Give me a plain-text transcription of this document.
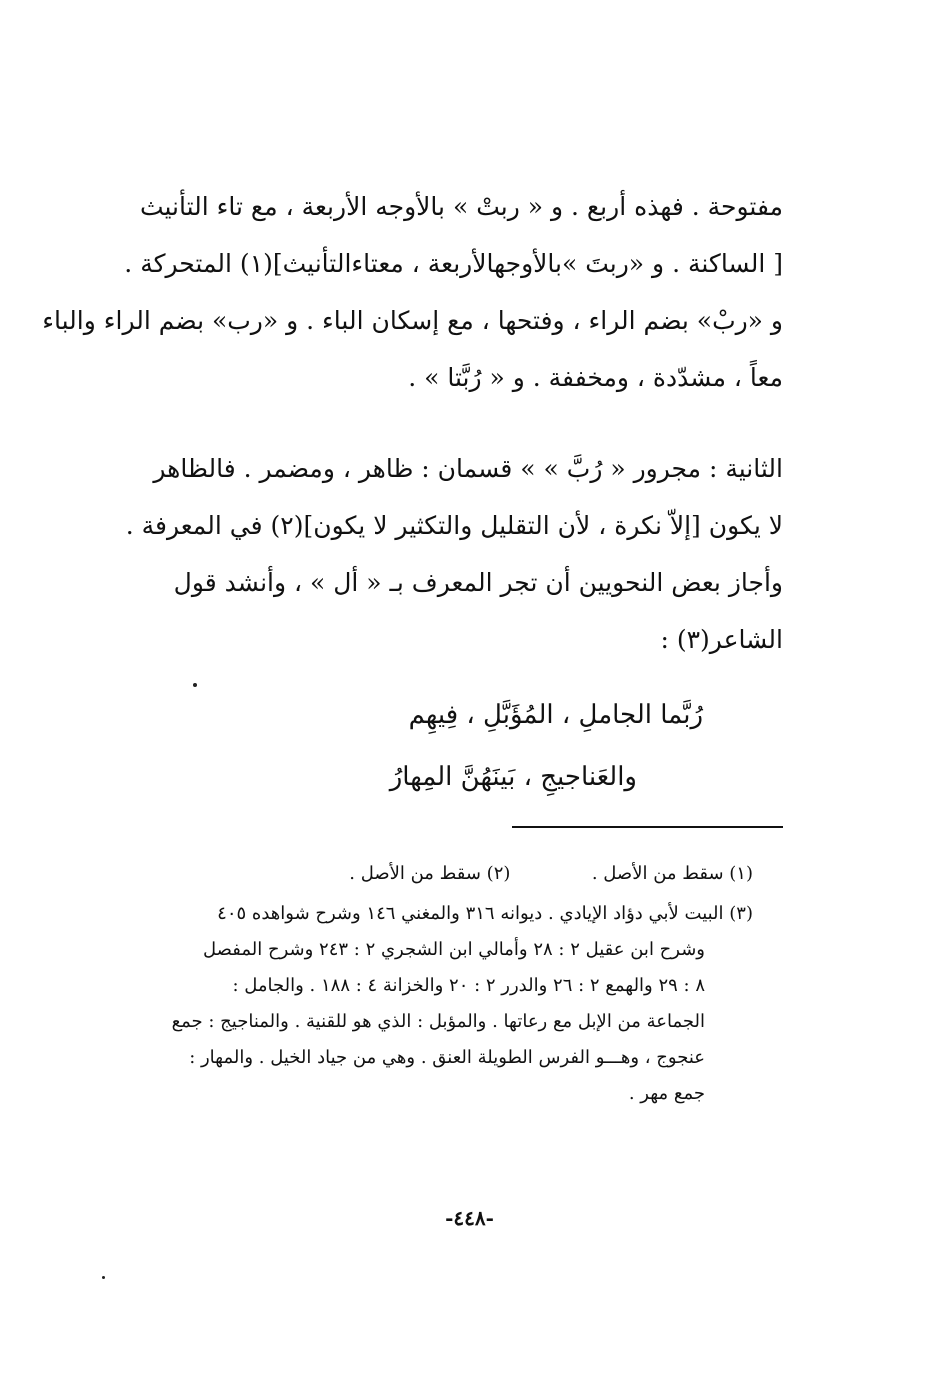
مفتوحة . فهذه أربع . و « ربتْ » بالأوجه الأربعة ، مع تاء التأنيث
[ الساكنة . و «ربتَ »بالأوجهالأربعة ، معتاءالتأنيث](١) المتحركة .
و «ربْ» بضم الراء ، وفتحها ، مع إسكان الباء . و «رب» بضم الراء والباء
معاً ، مشدّدة ، ومخففة . و « رُبَّتا » .
الثانية : مجرور « رُبَّ » » قسمان : ظاهر ، ومضمر . فالظاهر
لا يكون [إلاّ نكرة ، لأن التقليل والتكثير لا يكون](٢) في المعرفة .
وأجاز بعض النحويين أن تجر المعرف بـ « أل » ، وأنشد قول
الشاعر(٣) :
رُبَّما الجاملِ ، المُؤَبَّلِ ، فِيهِم
والعَناجيجِ ، بَينَهُنَّ المِهارُ
(١) سقط من الأصل .  (٢) سقط من الأصل .
(٣) البيت لأبي دؤاد الإيادي . ديوانه ٣١٦ والمغني ١٤٦ وشرح شواهده ٤٠٥
وشرح ابن عقيل ٢ : ٢٨ وأمالي ابن الشجري ٢ : ٢٤٣ وشرح المفصل
٨ : ٢٩ والهمع ٢ : ٢٦ والدرر ٢ : ٢٠ والخزانة ٤ : ١٨٨ . والجامل :
الجماعة من الإبل مع رعاتها . والمؤبل : الذي هو للقنية . والمناجيج : جمع
عنجوج ، وهـــو الفرس الطويلة العنق . وهي من جياد الخيل . والمهار :
جمع مهر .
-٤٤٨-
